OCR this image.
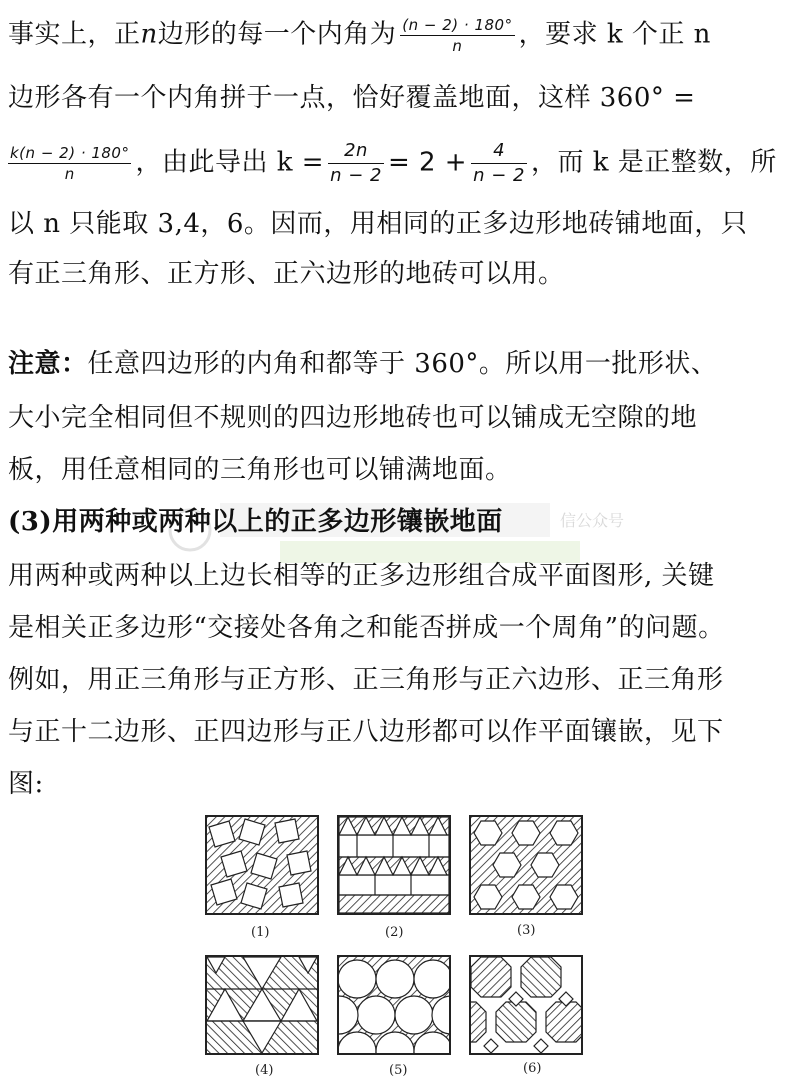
事实上，正n边形的每一个内角为 $\frac{(n - 2) \cdot 180^\circ}{n}$ ，要求 k 个正 n
边形各有一个内角拼于一点，恰好覆盖地面，这样 360° =
$\frac{k(n - 2) \cdot 180^\circ}{n}$ ，由此导出 $k = \frac{2n}{n - 2} = 2 + \frac{4}{n - 2}$ ，而 k 是正整数，所
以 n 只能取 3,4，6。因而，用相同的正多边形地砖铺地面，只
有正三角形、正方形、正六边形的地砖可以用。
注意：任意四边形的内角和都等于 360°。所以用一批形状、
大小完全相同但不规则的四边形地砖也可以铺成无空隙的地
板，用任意相同的三角形也可以铺满地面。
信公众号
(3)用两种或两种以上的正多边形镶嵌地面
用两种或两种以上边长相等的正多边形组合成平面图形, 关键
是相关正多边形“交接处各角之和能否拼成一个周角”的问题。
例如，用正三角形与正方形、正三角形与正六边形、正三角形
与正十二边形、正四边形与正八边形都可以作平面镶嵌，见下
图:
(1)	(2)	(3)
(4)	(5)	(6)
